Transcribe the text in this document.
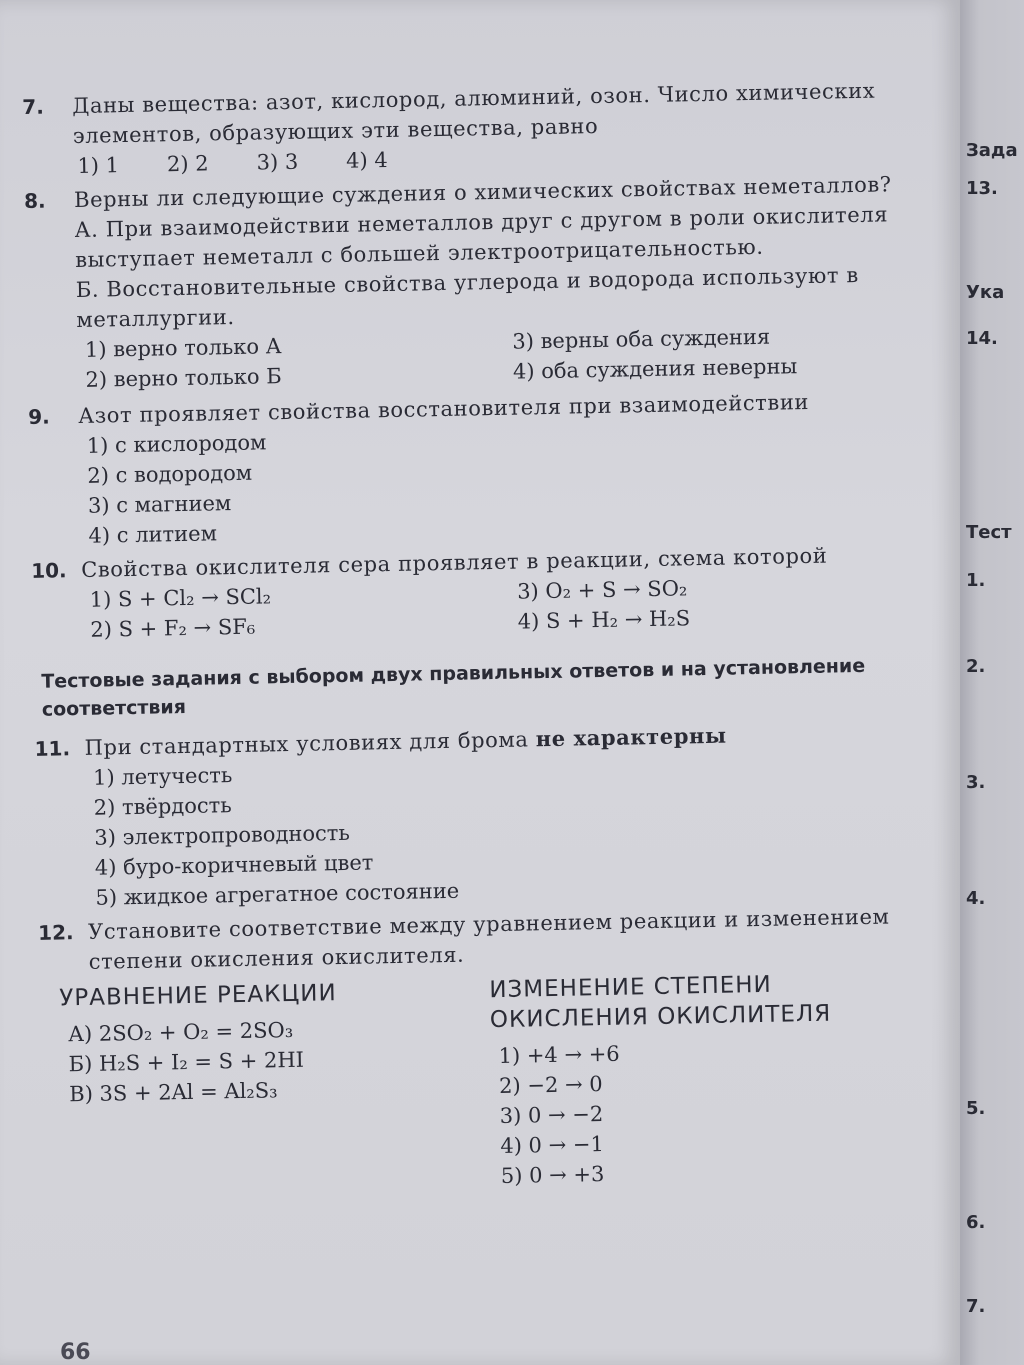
7. Даны вещества: азот, кислород, алюминий, озон. Число химических элементов, образующих эти вещества, равно
1) 1 2) 2 3) 3 4) 4
8. Верны ли следующие суждения о химических свойствах неметаллов?
А. При взаимодействии неметаллов друг с другом в роли окислителя выступает неметалл с большей электроотрицательностью.
Б. Восстановительные свойства углерода и водорода используют в металлургии.
1) верно только А
2) верно только Б
3) верны оба суждения
4) оба суждения неверны
9. Азот проявляет свойства восстановителя при взаимодействии
1) с кислородом
2) с водородом
3) с магнием
4) с литием
10. Свойства окислителя сера проявляет в реакции, схема которой
1) S + Cl₂ → SCl₂
2) S + F₂ → SF₆
3) O₂ + S → SO₂
4) S + H₂ → H₂S
Тестовые задания с выбором двух правильных ответов и на установление соответствия
11. При стандартных условиях для брома не характерны
1) летучесть
2) твёрдость
3) электропроводность
4) буро-коричневый цвет
5) жидкое агрегатное состояние
12. Установите соответствие между уравнением реакции и изменением степени окисления окислителя.
УРАВНЕНИЕ РЕАКЦИИ
А) 2SO₂ + O₂ = 2SO₃
Б) H₂S + I₂ = S + 2HI
В) 3S + 2Al = Al₂S₃
ИЗМЕНЕНИЕ СТЕПЕНИ ОКИСЛЕНИЯ ОКИСЛИТЕЛЯ
1) +4 → +6
2) −2 → 0
3) 0 → −2
4) 0 → −1
5) 0 → +3
66
Зада
13.
Ука
14.
Тест
1.
2.
3.
4.
5.
6.
7.
